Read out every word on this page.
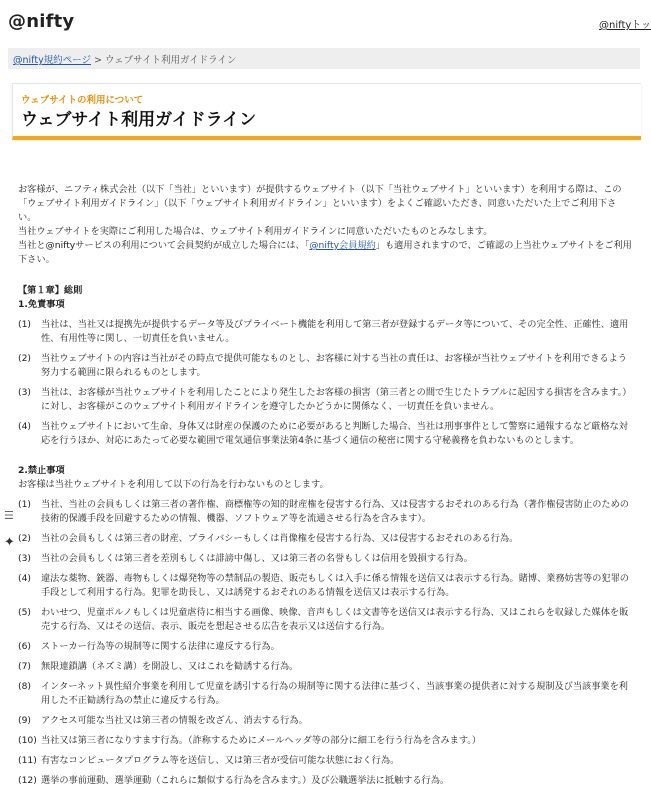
@nifty	@niftyトッ
@nifty規約ページ > ウェブサイト利用ガイドライン
ウェブサイトの利用について
ウェブサイト利用ガイドライン

お客様が、ニフティ株式会社（以下「当社」といいます）が提供するウェブサイト（以下「当社ウェブサイト」といいます）を利用する際は、この「ウェブサイト利用ガイドライン」（以下「ウェブサイト利用ガイドライン」といいます）をよくご確認いただき、同意いただいた上でご利用下さい。

当社ウェブサイトを実際にご利用した場合は、ウェブサイト利用ガイドラインに同意いただいたものとみなします。

当社と@niftyサービスの利用について会員契約が成立した場合には、「@nifty会員規約」も適用されますので、ご確認の上当社ウェブサイトをご利用下さい。

【第１章】総則
1.免責事項
(1) 当社は、当社又は提携先が提供するデータ等及びプライベート機能を利用して第三者が登録するデータ等について、その完全性、正確性、適用性、有用性等に関し、一切責任を負いません。
(2) 当社ウェブサイトの内容は当社がその時点で提供可能なものとし、お客様に対する当社の責任は、お客様が当社ウェブサイトを利用できるよう努力する範囲に限られるものとします。
(3) 当社は、お客様が当社ウェブサイトを利用したことにより発生したお客様の損害（第三者との間で生じたトラブルに起因する損害を含みます。）に対し、お客様がこのウェブサイト利用ガイドラインを遵守したかどうかに関係なく、一切責任を負いません。
(4) 当社ウェブサイトにおいて生命、身体又は財産の保護のために必要があると判断した場合、当社は刑事事件として警察に通報するなど厳格な対応を行うほか、対応にあたって必要な範囲で電気通信事業法第4条に基づく通信の秘密に関する守秘義務を負わないものとします。
2.禁止事項

お客様は当社ウェブサイトを利用して以下の行為を行わないものとします。

(1) 当社、当社の会員もしくは第三者の著作権、商標権等の知的財産権を侵害する行為、又は侵害するおそれのある行為（著作権侵害防止のための技術的保護手段を回避するための情報、機器、ソフトウェア等を流通させる行為を含みます）。
(2) 当社の会員もしくは第三者の財産、プライバシーもしくは肖像権を侵害する行為、又は侵害するおそれのある行為。
(3) 当社の会員もしくは第三者を差別もしくは誹謗中傷し、又は第三者の名誉もしくは信用を毀損する行為。
(4) 違法な薬物、銃器、毒物もしくは爆発物等の禁制品の製造、販売もしくは入手に係る情報を送信又は表示する行為。賭博、業務妨害等の犯罪の手段として利用する行為。犯罪を助長し、又は誘発するおそれのある情報を送信又は表示する行為。
(5) わいせつ、児童ポルノもしくは児童虐待に相当する画像、映像、音声もしくは文書等を送信又は表示する行為、又はこれらを収録した媒体を販売する行為、又はその送信、表示、販売を想起させる広告を表示又は送信する行為。
(6) ストーカー行為等の規制等に関する法律に違反する行為。
(7) 無限連鎖講（ネズミ講）を開設し、又はこれを勧誘する行為。
(8) インターネット異性紹介事業を利用して児童を誘引する行為の規制等に関する法律に基づく、当該事業の提供者に対する規制及び当該事業を利用した不正勧誘行為の禁止に違反する行為。
(9) アクセス可能な当社又は第三者の情報を改ざん、消去する行為。
(10) 当社又は第三者になりすます行為。（詐称するためにメールヘッダ等の部分に細工を行う行為を含みます。）
(11) 有害なコンピュータプログラム等を送信し、又は第三者が受信可能な状態におく行為。
(12) 選挙の事前運動、選挙運動（これらに類似する行為を含みます。）及び公職選挙法に抵触する行為。
☰
✦
